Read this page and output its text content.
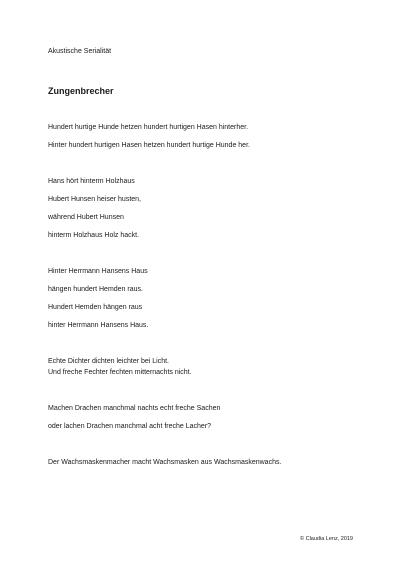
Akustische Serialität
Zungenbrecher
Hundert hurtige Hunde hetzen hundert hurtigen Hasen hinterher.
Hinter hundert hurtigen Hasen hetzen hundert hurtige Hunde her.
Hans hört hinterm Holzhaus
Hubert Hunsen heiser husten,
während Hubert Hunsen
hinterm Holzhaus Holz hackt.
Hinter Herrmann Hansens Haus
hängen hundert Hemden raus.
Hundert Hemden hängen raus
hinter Herrmann Hansens Haus.
Echte Dichter dichten leichter bei Licht.
Und freche Fechter fechten mitternachts nicht.
Machen Drachen manchmal nachts echt freche Sachen
oder lachen Drachen manchmal acht freche Lacher?
Der Wachsmaskenmacher macht Wachsmasken aus Wachsmaskenwachs.
© Claudia Lenz, 2019
